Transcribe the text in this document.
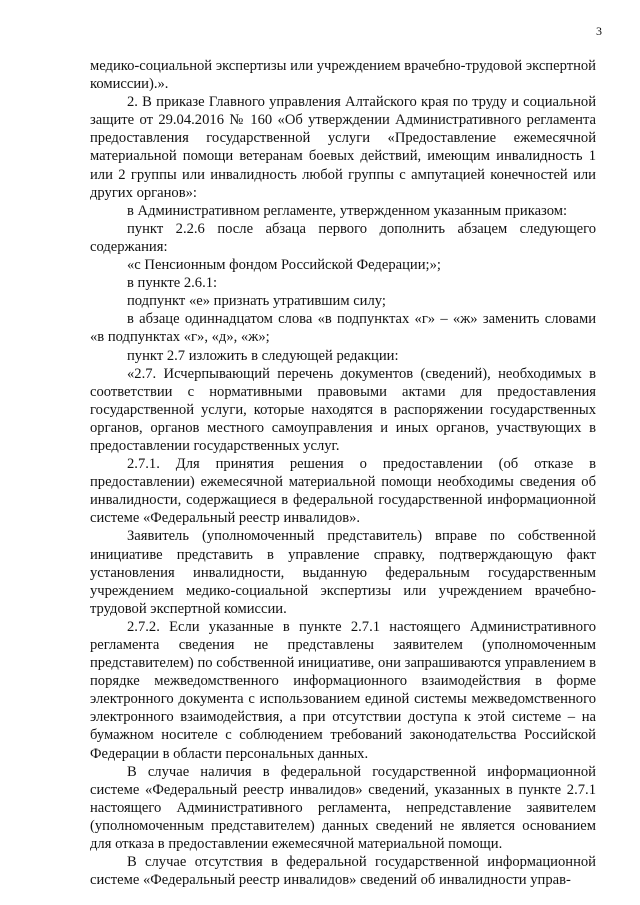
3

медико-социальной экспертизы или учреждением врачебно-трудовой экспертной комиссии).».

2. В приказе Главного управления Алтайского края по труду и социальной защите от 29.04.2016 № 160 «Об утверждении Административного регламента предоставления государственной услуги «Предоставление ежемесячной материальной помощи ветеранам боевых действий, имеющим инвалидность 1 или 2 группы или инвалидность любой группы с ампутацией конечностей или других органов»:

в Административном регламенте, утвержденном указанным приказом:

пункт 2.2.6 после абзаца первого дополнить абзацем следующего содержания:

«с Пенсионным фондом Российской Федерации;»;

в пункте 2.6.1:

подпункт «е» признать утратившим силу;

в абзаце одиннадцатом слова «в подпунктах «г» – «ж» заменить словами «в подпунктах «г», «д», «ж»;

пункт 2.7 изложить в следующей редакции:

«2.7. Исчерпывающий перечень документов (сведений), необходимых в соответствии с нормативными правовыми актами для предоставления государственной услуги, которые находятся в распоряжении государственных органов, органов местного самоуправления и иных органов, участвующих в предоставлении государственных услуг.

2.7.1. Для принятия решения о предоставлении (об отказе в предоставлении) ежемесячной материальной помощи необходимы сведения об инвалидности, содержащиеся в федеральной государственной информационной системе «Федеральный реестр инвалидов».

Заявитель (уполномоченный представитель) вправе по собственной инициативе представить в управление справку, подтверждающую факт установления инвалидности, выданную федеральным государственным учреждением медико-социальной экспертизы или учреждением врачебно-трудовой экспертной комиссии.

2.7.2. Если указанные в пункте 2.7.1 настоящего Административного регламента сведения не представлены заявителем (уполномоченным представителем) по собственной инициативе, они запрашиваются управлением в порядке межведомственного информационного взаимодействия в форме электронного документа с использованием единой системы межведомственного электронного взаимодействия, а при отсутствии доступа к этой системе – на бумажном носителе с соблюдением требований законодательства Российской Федерации в области персональных данных.

В случае наличия в федеральной государственной информационной системе «Федеральный реестр инвалидов» сведений, указанных в пункте 2.7.1 настоящего Административного регламента, непредставление заявителем (уполномоченным представителем) данных сведений не является основанием для отказа в предоставлении ежемесячной материальной помощи.

В случае отсутствия в федеральной государственной информационной системе «Федеральный реестр инвалидов» сведений об инвалидности управ-
